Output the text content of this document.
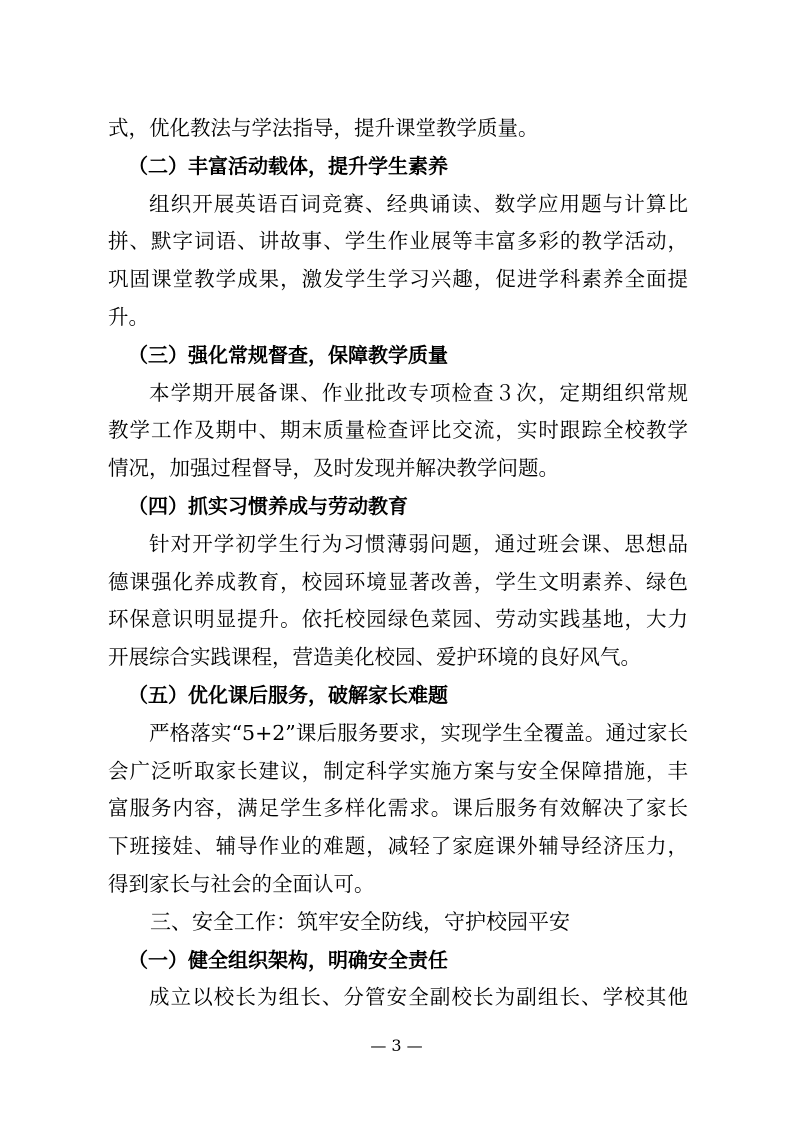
式，优化教法与学法指导，提升课堂教学质量。
（二）丰富活动载体，提升学生素养
组织开展英语百词竞赛、经典诵读、数学应用题与计算比
拼、默字词语、讲故事、学生作业展等丰富多彩的教学活动，
巩固课堂教学成果，激发学生学习兴趣，促进学科素养全面提
升。
（三）强化常规督查，保障教学质量
本学期开展备课、作业批改专项检查３次，定期组织常规
教学工作及期中、期末质量检查评比交流，实时跟踪全校教学
情况，加强过程督导，及时发现并解决教学问题。
（四）抓实习惯养成与劳动教育
针对开学初学生行为习惯薄弱问题，通过班会课、思想品
德课强化养成教育，校园环境显著改善，学生文明素养、绿色
环保意识明显提升。依托校园绿色菜园、劳动实践基地，大力
开展综合实践课程，营造美化校园、爱护环境的良好风气。
（五）优化课后服务，破解家长难题
严格落实“5+2”课后服务要求，实现学生全覆盖。通过家长
会广泛听取家长建议，制定科学实施方案与安全保障措施，丰
富服务内容，满足学生多样化需求。课后服务有效解决了家长
下班接娃、辅导作业的难题，减轻了家庭课外辅导经济压力，
得到家长与社会的全面认可。
三、安全工作：筑牢安全防线，守护校园平安
（一）健全组织架构，明确安全责任
成立以校长为组长、分管安全副校长为副组长、学校其他
— 3 —
